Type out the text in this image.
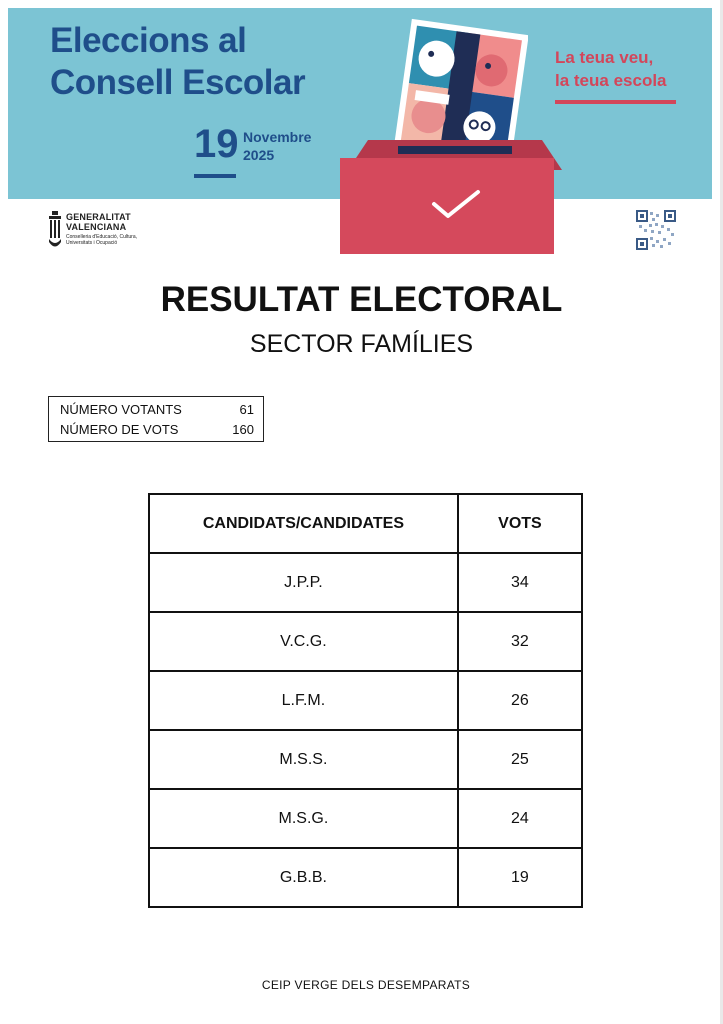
Eleccions al
Consell Escolar
19 Novembre
2025
La teua veu,
la teua escola
GENERALITAT
VALENCIANA
Conselleria d'Educació, Cultura,
Universitats i Ocupació
RESULTAT ELECTORAL
SECTOR FAMÍLIES
NÚMERO VOTANTS	61
NÚMERO DE VOTS	160
CANDIDATS/CANDIDATES	VOTS
J.P.P.	34
V.C.G.	32
L.F.M.	26
M.S.S.	25
M.S.G.	24
G.B.B.	19
CEIP VERGE DELS DESEMPARATS
